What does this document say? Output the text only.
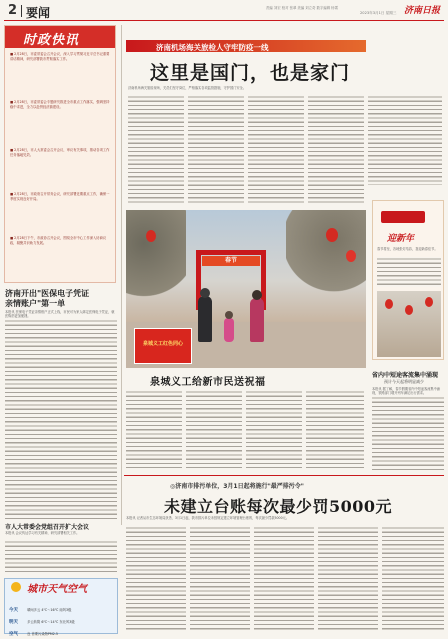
2 要闻	责编 刘宏 校对 张翠 美编 刘立奇 数字编辑 杨霄
2023年3月1日 星期三 济南日报
时政快讯
■ 2月28日，市委常委会召开会议，深入学习贯彻习近平总书记重要讲话精神，研究部署我市贯彻落实工作。
■ 2月28日，市委常委会专题研究推进全市重点工作落实，强调坚持稳中求进，全力以赴拼经济搞建设。
■ 2月28日，市人大常委会召开会议，审议有关事项，推动各项工作任务落地见效。
■ 2月28日，市政府召开常务会议，研究部署近期重点工作，确保一季度实现良好开局。
■ 2月28日下午，市政协召开会议，围绕全市中心工作深入协商议政，凝聚共识助力发展。
济南开出"医保电子凭证
亲情账户"第一单
本报讯 医保电子凭证亲情账户正式上线，市民可为家人绑定医保电子凭证，就医购药更加便捷。
市人大常委会党组召开扩大会议
本报讯 会议传达学习有关精神，研究部署相关工作。
城市天气空气
今天	晴间多云 4℃～16℃ 南风3级
明天	多云转阴 6℃～14℃ 东北风3级
空气	良 首要污染物PM2.5
济南机场海关旅检人守牢防疫一线
这里是国门，也是家门
济南机场海关旅检现场，关员们坚守岗位，严格落实各项监管措施，守护国门安全。
春节
泉城义工红色同心
泉城义工给新市民送祝福
迎新年
春节将至，各地张灯结彩，喜迎新春佳节。
省内中短途客流集中涌现
预计今天起将明显减少
本报讯 据了解，春节假期省内中短途客流集中涌现，铁路部门增开列车满足出行需求。
◎济南市排污单位，3月1日起将施行"最严排污令"
未建立台账每次最少罚5000元
本报讯 记者从市生态环境局获悉，3月1日起，我市排污单位未按规定建立环境管理台账的，每次最少罚款5000元。
